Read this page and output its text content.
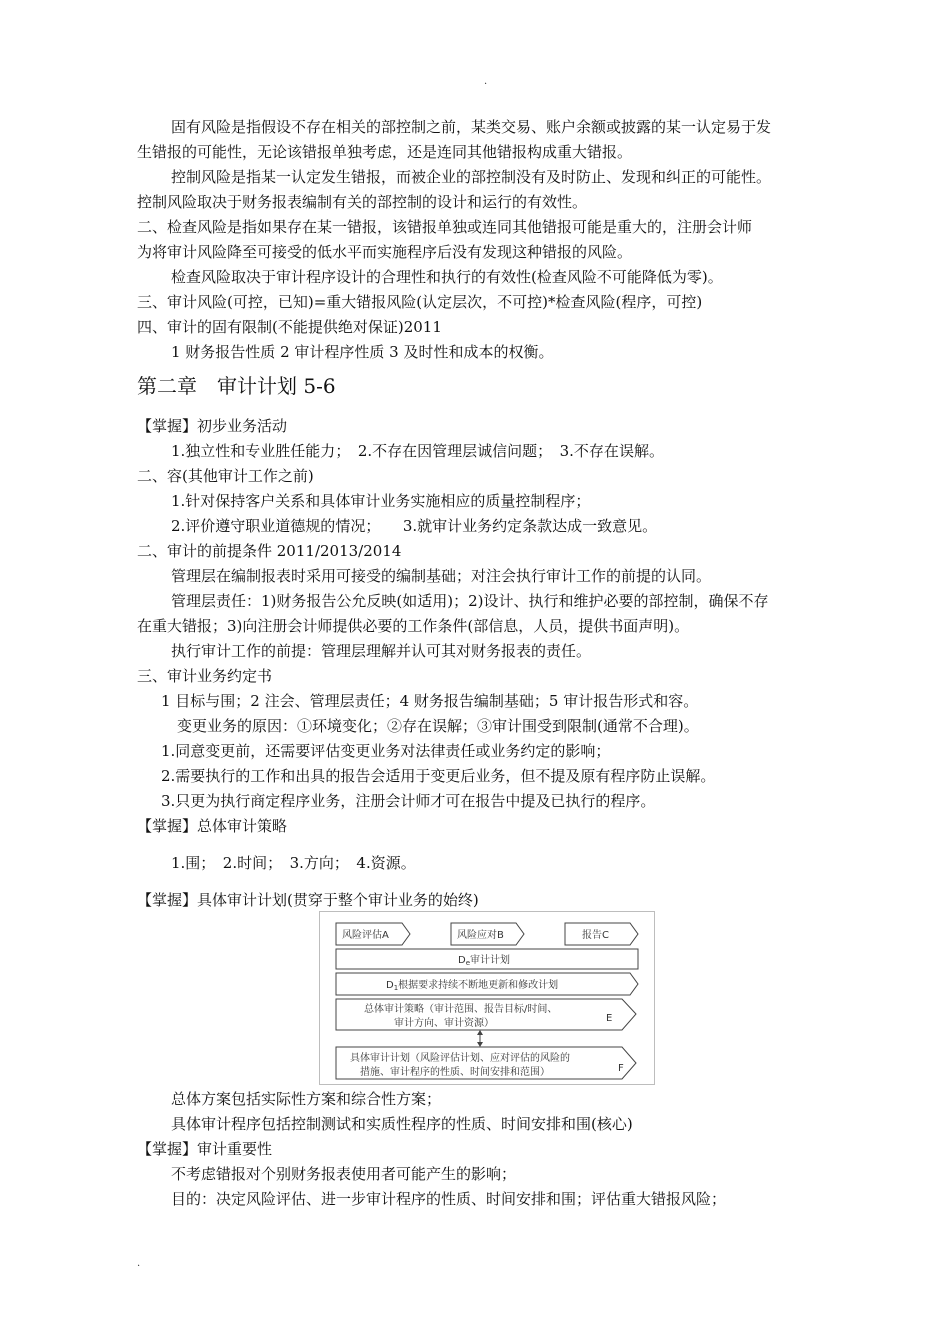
.
固有风险是指假设不存在相关的部控制之前，某类交易、账户余额或披露的某一认定易于发
生错报的可能性，无论该错报单独考虑，还是连同其他错报构成重大错报。
控制风险是指某一认定发生错报，而被企业的部控制没有及时防止、发现和纠正的可能性。
控制风险取决于财务报表编制有关的部控制的设计和运行的有效性。
二、检查风险是指如果存在某一错报，该错报单独或连同其他错报可能是重大的，注册会计师
为将审计风险降至可接受的低水平而实施程序后没有发现这种错报的风险。
检查风险取决于审计程序设计的合理性和执行的有效性(检查风险不可能降低为零)。
三、审计风险(可控，已知)=重大错报风险(认定层次，不可控)*检查风险(程序，可控)
四、审计的固有限制(不能提供绝对保证)2011
1 财务报告性质 2 审计程序性质 3 及时性和成本的权衡。
第二章　审计计划 5-6
【掌握】初步业务活动
1.独立性和专业胜任能力；　2.不存在因管理层诚信问题；　3.不存在误解。
二、容(其他审计工作之前)
1.针对保持客户关系和具体审计业务实施相应的质量控制程序；
2.评价遵守职业道德规的情况；　　3.就审计业务约定条款达成一致意见。
二、审计的前提条件 2011/2013/2014
管理层在编制报表时采用可接受的编制基础；对注会执行审计工作的前提的认同。
管理层责任：1)财务报告公允反映(如适用)；2)设计、执行和维护必要的部控制，确保不存
在重大错报；3)向注册会计师提供必要的工作条件(部信息，人员，提供书面声明)。
执行审计工作的前提：管理层理解并认可其对财务报表的责任。
三、审计业务约定书
1 目标与围；2 注会、管理层责任；4 财务报告编制基础；5 审计报告形式和容。
变更业务的原因：①环境变化；②存在误解；③审计围受到限制(通常不合理)。
1.同意变更前，还需要评估变更业务对法律责任或业务约定的影响；
2.需要执行的工作和出具的报告会适用于变更后业务，但不提及原有程序防止误解。
3.只更为执行商定程序业务，注册会计师才可在报告中提及已执行的程序。
【掌握】总体审计策略
1.围；　2.时间；　3.方向；　4.资源。
【掌握】具体审计计划(贯穿于整个审计业务的始终)
风险评估A	风险应对B	报告C
$D_e$审计计划
$D_1$根据要求持续不断地更新和修改计划
总体审计策略（审计范围、报告目标/时间、
审计方向、审计资源）	E
具体审计计划（风险评估计划、应对评估的风险的
措施、审计程序的性质、时间安排和范围）	F
总体方案包括实际性方案和综合性方案；
具体审计程序包括控制测试和实质性程序的性质、时间安排和围(核心)
【掌握】审计重要性
不考虑错报对个别财务报表使用者可能产生的影响；
目的：决定风险评估、进一步审计程序的性质、时间安排和围；评估重大错报风险；
.
